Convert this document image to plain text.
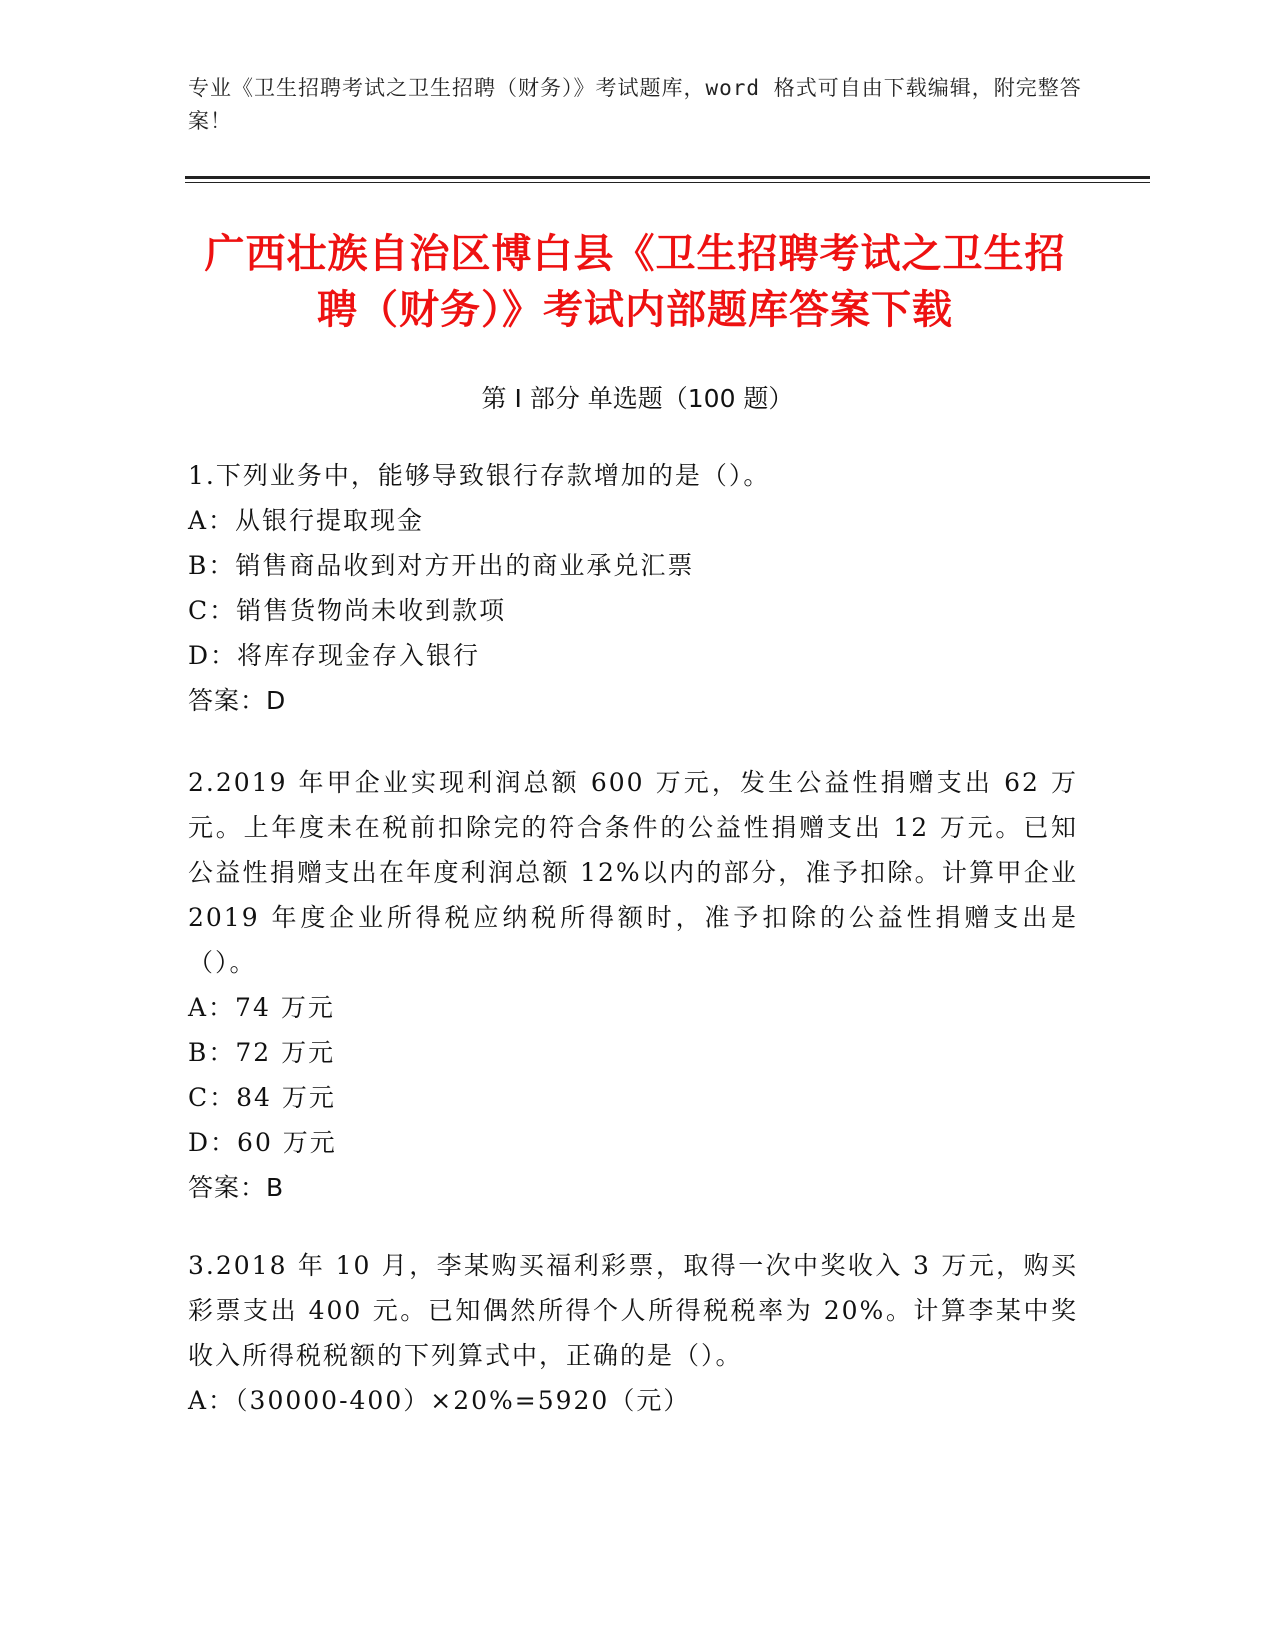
专业《卫生招聘考试之卫生招聘（财务）》考试题库，word 格式可自由下载编辑，附完整答案！
广西壮族自治区博白县《卫生招聘考试之卫生招聘（财务）》考试内部题库答案下载
第 I 部分 单选题（100 题）
1.下列业务中，能够导致银行存款增加的是（）。
A：从银行提取现金
B：销售商品收到对方开出的商业承兑汇票
C：销售货物尚未收到款项
D：将库存现金存入银行
答案：D
2.2019 年甲企业实现利润总额 600 万元，发生公益性捐赠支出 62 万元。上年度未在税前扣除完的符合条件的公益性捐赠支出 12 万元。已知公益性捐赠支出在年度利润总额 12%以内的部分，准予扣除。计算甲企业 2019 年度企业所得税应纳税所得额时，准予扣除的公益性捐赠支出是（）。
A：74 万元
B：72 万元
C：84 万元
D：60 万元
答案：B
3.2018 年 10 月，李某购买福利彩票，取得一次中奖收入 3 万元，购买彩票支出 400 元。已知偶然所得个人所得税税率为 20%。计算李某中奖收入所得税税额的下列算式中，正确的是（）。
A：（30000-400）×20%=5920（元）
